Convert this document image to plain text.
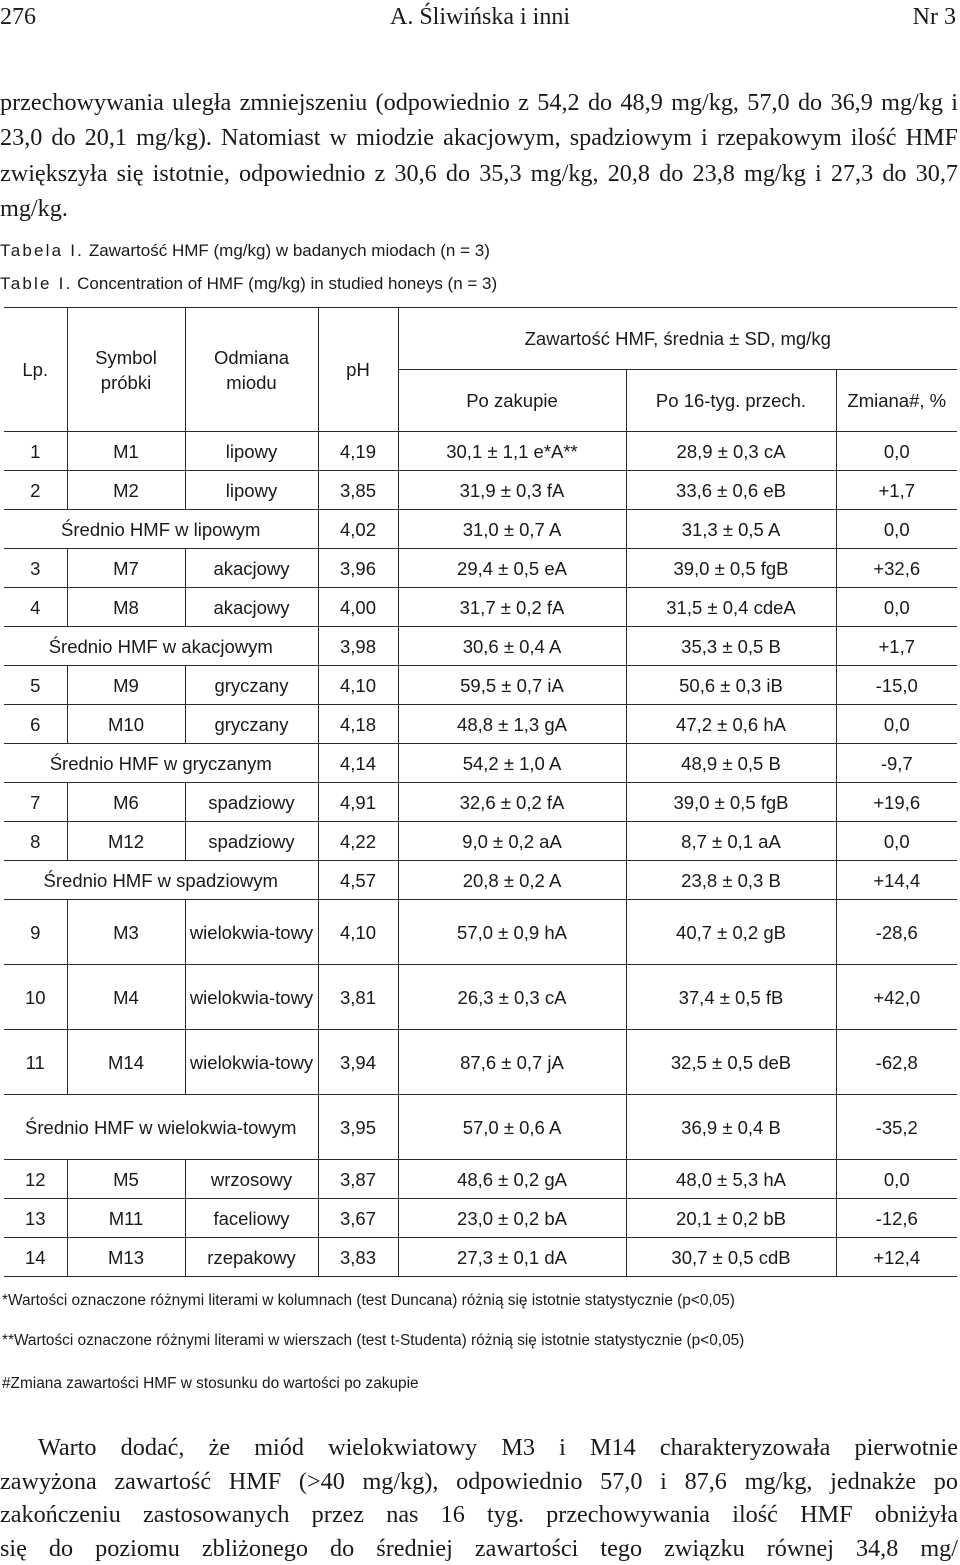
276	A. Śliwińska i inni	Nr 3
przechowywania uległa zmniejszeniu (odpowiednio z 54,2 do 48,9 mg/kg, 57,0 do 36,9 mg/kg i 23,0 do 20,1 mg/kg). Natomiast w miodzie akacjowym, spadziowym i rzepakowym ilość HMF zwiększyła się istotnie, odpowiednio z 30,6 do 35,3 mg/kg, 20,8 do 23,8 mg/kg i 27,3 do 30,7 mg/kg.
Tabela I. Zawartość HMF (mg/kg) w badanych miodach (n = 3)
Table I. Concentration of HMF (mg/kg) in studied honeys (n = 3)
Lp.	Symbol próbki	Odmiana miodu	pH	Zawartość HMF, średnia ± SD, mg/kg		
				Po zakupie	Po 16-tyg. przech.	Zmiana#, %
1	M1	lipowy	4,19	30,1 ± 1,1 e*A**	28,9 ± 0,3 cA	0,0
2	M2	lipowy	3,85	31,9 ± 0,3 fA	33,6 ± 0,6 eB	+1,7
Średnio HMF w lipowym			4,02	31,0 ± 0,7 A	31,3 ± 0,5 A	0,0
3	M7	akacjowy	3,96	29,4 ± 0,5 eA	39,0 ± 0,5 fgB	+32,6
4	M8	akacjowy	4,00	31,7 ± 0,2 fA	31,5 ± 0,4 cdeA	0,0
Średnio HMF w akacjowym			3,98	30,6 ± 0,4 A	35,3 ± 0,5 B	+1,7
5	M9	gryczany	4,10	59,5 ± 0,7 iA	50,6 ± 0,3 iB	-15,0
6	M10	gryczany	4,18	48,8 ± 1,3 gA	47,2 ± 0,6 hA	0,0
Średnio HMF w gryczanym			4,14	54,2 ± 1,0 A	48,9 ± 0,5 B	-9,7
7	M6	spadziowy	4,91	32,6 ± 0,2 fA	39,0 ± 0,5 fgB	+19,6
8	M12	spadziowy	4,22	9,0 ± 0,2 aA	8,7 ± 0,1 aA	0,0
Średnio HMF w spadziowym			4,57	20,8 ± 0,2 A	23,8 ± 0,3 B	+14,4
9	M3	wielokwia-towy	4,10	57,0 ± 0,9 hA	40,7 ± 0,2 gB	-28,6
10	M4	wielokwia-towy	3,81	26,3 ± 0,3 cA	37,4 ± 0,5 fB	+42,0
11	M14	wielokwia-towy	3,94	87,6 ± 0,7 jA	32,5 ± 0,5 deB	-62,8
Średnio HMF w wielokwia-towym			3,95	57,0 ± 0,6 A	36,9 ± 0,4 B	-35,2
12	M5	wrzosowy	3,87	48,6 ± 0,2 gA	48,0 ± 5,3 hA	0,0
13	M11	faceliowy	3,67	23,0 ± 0,2 bA	20,1 ± 0,2 bB	-12,6
14	M13	rzepakowy	3,83	27,3 ± 0,1 dA	30,7 ± 0,5 cdB	+12,4
*Wartości oznaczone różnymi literami w kolumnach (test Duncana) różnią się istotnie statystycznie (p<0,05)
**Wartości oznaczone różnymi literami w wierszach (test t-Studenta) różnią się istotnie statystycznie (p<0,05)
#Zmiana zawartości HMF w stosunku do wartości po zakupie
Warto dodać, że miód wielokwiatowy M3 i M14 charakteryzowała pierwotnie
zawyżona zawartość HMF (>40 mg/kg), odpowiednio 57,0 i 87,6 mg/kg, jednakże po
zakończeniu zastosowanych przez nas 16 tyg. przechowywania ilość HMF obniżyła
się do poziomu zbliżonego do średniej zawartości tego związku równej 34,8 mg/
